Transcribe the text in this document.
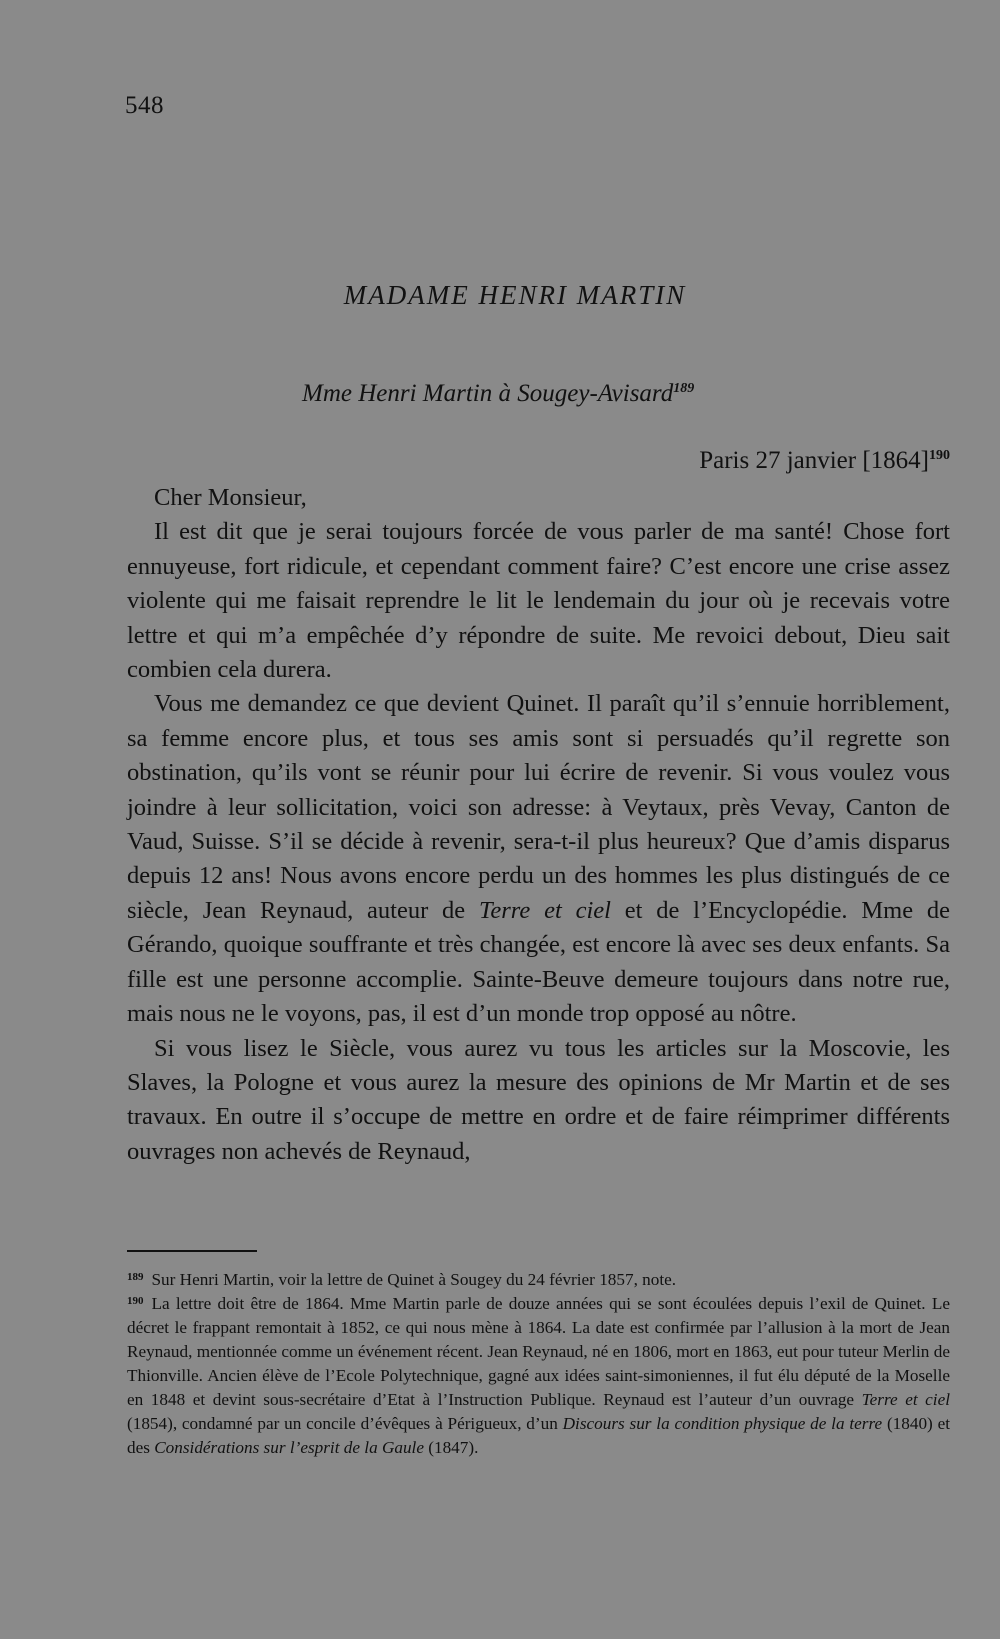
548
MADAME HENRI MARTIN
Mme Henri Martin à Sougey-Avisard$^{189}$
Paris 27 janvier $[1864]^{190}$

Cher Monsieur,

Il est dit que je serai toujours forcée de vous parler de ma santé! Chose fort ennuyeuse, fort ridicule, et cependant comment faire? C’est encore une crise assez violente qui me faisait reprendre le lit le lendemain du jour où je recevais votre lettre et qui m’a empêchée d’y répondre de suite. Me revoici debout, Dieu sait combien cela durera.

Vous me demandez ce que devient Quinet. Il paraît qu’il s’ennuie horriblement, sa femme encore plus, et tous ses amis sont si persuadés qu’il regrette son obstination, qu’ils vont se réunir pour lui écrire de revenir. Si vous voulez vous joindre à leur sollicitation, voici son adresse: à Veytaux, près Vevay, Canton de Vaud, Suisse. S’il se décide à revenir, sera-t-il plus heureux? Que d’amis disparus depuis 12 ans! Nous avons encore perdu un des hommes les plus distingués de ce siècle, Jean Reynaud, auteur de Terre et ciel et de l’Encyclopédie. Mme de Gérando, quoique souffrante et très changée, est encore là avec ses deux enfants. Sa fille est une personne accomplie. Sainte-Beuve demeure toujours dans notre rue, mais nous ne le voyons, pas, il est d’un monde trop opposé au nôtre.

Si vous lisez le Siècle, vous aurez vu tous les articles sur la Moscovie, les Slaves, la Pologne et vous aurez la mesure des opinions de Mr Martin et de ses travaux. En outre il s’occupe de mettre en ordre et de faire réimprimer différents ouvrages non achevés de Reynaud,

$^{189}$ Sur Henri Martin, voir la lettre de Quinet à Sougey du 24 février 1857, note.

$^{190}$ La lettre doit être de 1864. Mme Martin parle de douze années qui se sont écoulées depuis l’exil de Quinet. Le décret le frappant remontait à 1852, ce qui nous mène à 1864. La date est confirmée par l’allusion à la mort de Jean Reynaud, mentionnée comme un événement récent. Jean Reynaud, né en 1806, mort en 1863, eut pour tuteur Merlin de Thionville. Ancien élève de l’Ecole Polytechnique, gagné aux idées saint-simoniennes, il fut élu député de la Moselle en 1848 et devint sous-secrétaire d’Etat à l’Instruction Publique. Reynaud est l’auteur d’un ouvrage Terre et ciel (1854), condamné par un concile d’évêques à Périgueux, d’un Discours sur la condition physique de la terre (1840) et des Considérations sur l’esprit de la Gaule (1847).
